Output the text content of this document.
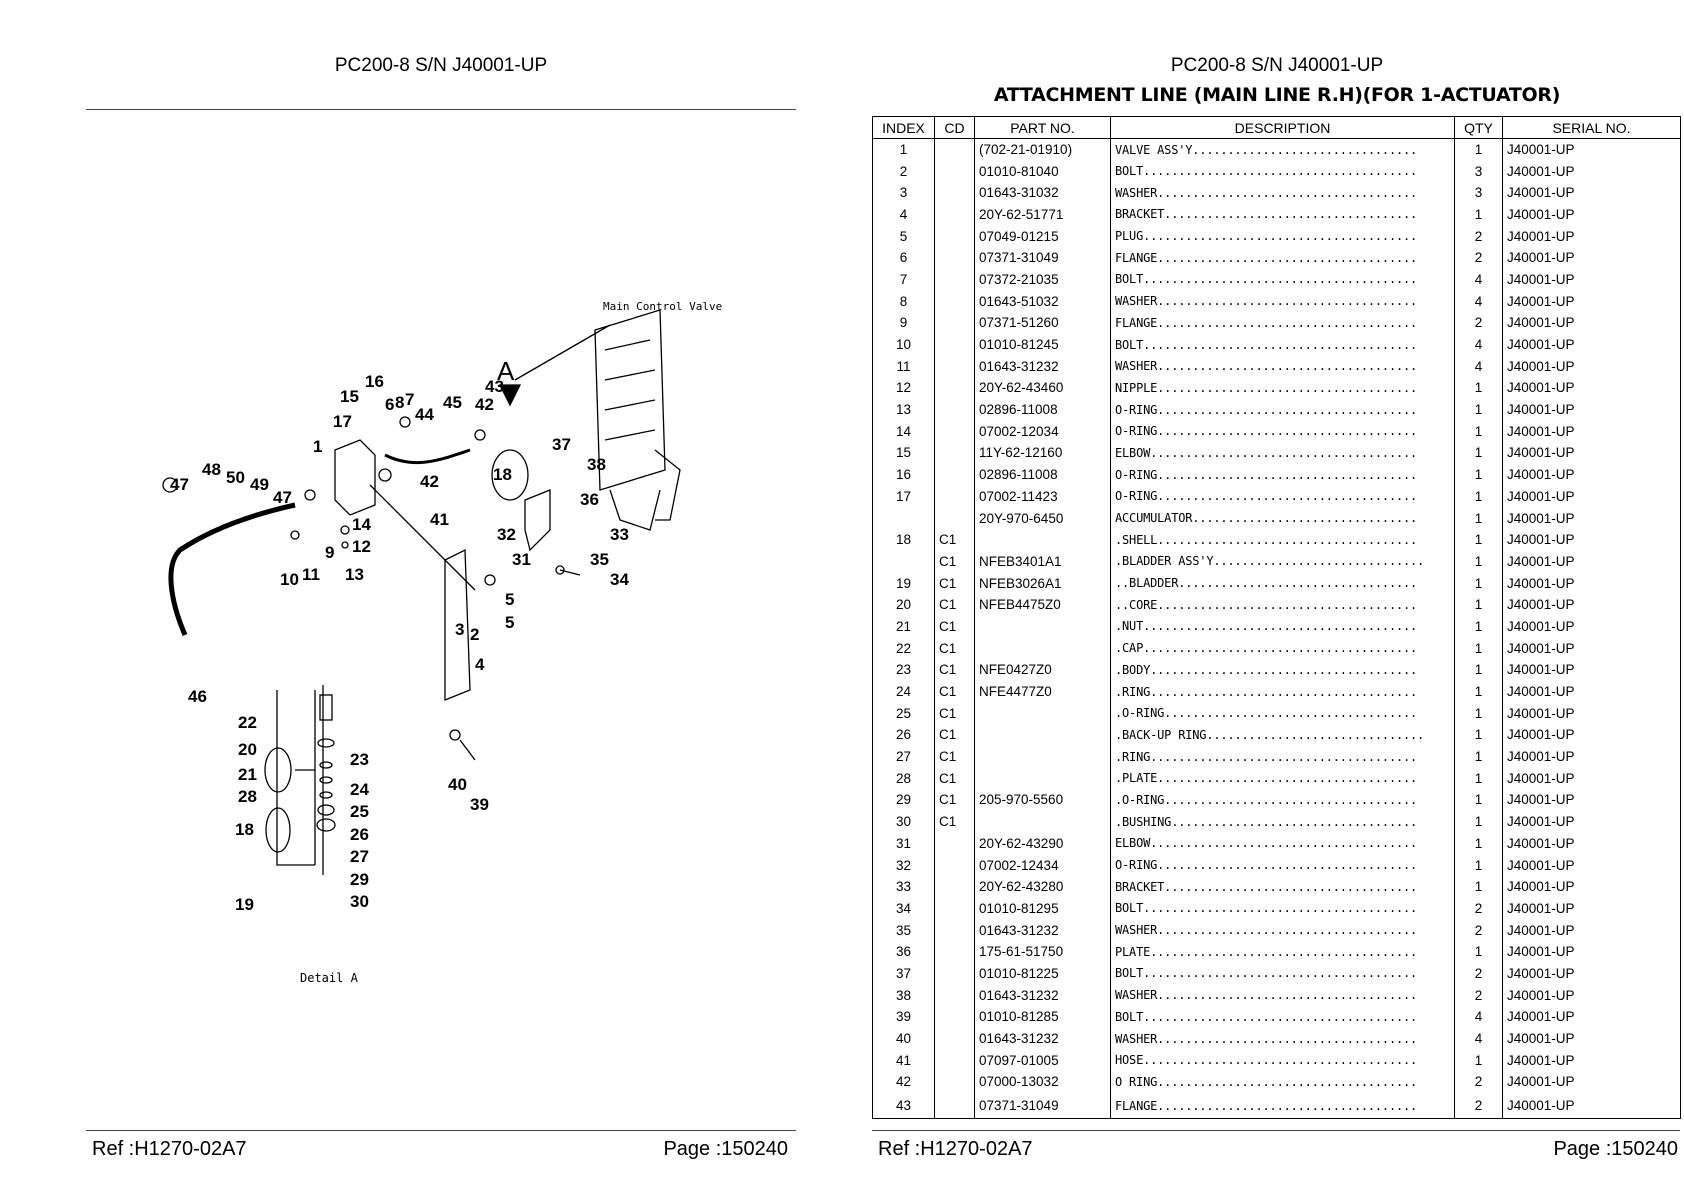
PC200-8 S/N J40001-UP	PC200-8 S/N J40001-UP
ATTACHMENT LINE (MAIN LINE R.H)(FOR 1-ACTUATOR)
1
2
3
4
5
5
6 7
8
9
10 11
12
13
14
15
16
17
18
41
42
42
43
44
45
31
32	33
34
35
36
37
38
39
40
46
47
47
48
49
50
22
20
21
28
18
19
23
24
25
26
27
29
30
A
Main Control Valve
Detail A
INDEX	CD	PART NO.	DESCRIPTION	QTY	SERIAL NO.
1		(702-21-01910)	VALVE ASS'Y................................	1	J40001-UP
2		01010-81040	BOLT.......................................	3	J40001-UP
3		01643-31032	WASHER.....................................	3	J40001-UP
4		20Y-62-51771	BRACKET....................................	1	J40001-UP
5		07049-01215	PLUG.......................................	2	J40001-UP
6		07371-31049	FLANGE.....................................	2	J40001-UP
7		07372-21035	BOLT.......................................	4	J40001-UP
8		01643-51032	WASHER.....................................	4	J40001-UP
9		07371-51260	FLANGE.....................................	2	J40001-UP
10		01010-81245	BOLT.......................................	4	J40001-UP
11		01643-31232	WASHER.....................................	4	J40001-UP
12		20Y-62-43460	NIPPLE.....................................	1	J40001-UP
13		02896-11008	O-RING.....................................	1	J40001-UP
14		07002-12034	O-RING.....................................	1	J40001-UP
15		11Y-62-12160	ELBOW......................................	1	J40001-UP
16		02896-11008	O-RING.....................................	1	J40001-UP
17		07002-11423	O-RING.....................................	1	J40001-UP
		20Y-970-6450	ACCUMULATOR................................	1	J40001-UP
18	C1		.SHELL.....................................	1	J40001-UP
	C1	NFEB3401A1	.BLADDER ASS'Y..............................	1	J40001-UP
19	C1	NFEB3026A1	..BLADDER..................................	1	J40001-UP
20	C1	NFEB4475Z0	..CORE.....................................	1	J40001-UP
21	C1		.NUT.......................................	1	J40001-UP
22	C1		.CAP.......................................	1	J40001-UP
23	C1	NFE0427Z0	.BODY......................................	1	J40001-UP
24	C1	NFE4477Z0	.RING......................................	1	J40001-UP
25	C1		.O-RING....................................	1	J40001-UP
26	C1		.BACK-UP RING...............................	1	J40001-UP
27	C1		.RING......................................	1	J40001-UP
28	C1		.PLATE.....................................	1	J40001-UP
29	C1	205-970-5560	.O-RING....................................	1	J40001-UP
30	C1		.BUSHING...................................	1	J40001-UP
31		20Y-62-43290	ELBOW......................................	1	J40001-UP
32		07002-12434	O-RING.....................................	1	J40001-UP
33		20Y-62-43280	BRACKET....................................	1	J40001-UP
34		01010-81295	BOLT.......................................	2	J40001-UP
35		01643-31232	WASHER.....................................	2	J40001-UP
36		175-61-51750	PLATE......................................	1	J40001-UP
37		01010-81225	BOLT.......................................	2	J40001-UP
38		01643-31232	WASHER.....................................	2	J40001-UP
39		01010-81285	BOLT.......................................	4	J40001-UP
40		01643-31232	WASHER.....................................	4	J40001-UP
41		07097-01005	HOSE.......................................	1	J40001-UP
42		07000-13032	O RING.....................................	2	J40001-UP
43		07371-31049	FLANGE.....................................	2	J40001-UP
Ref :H1270-02A7	Page :150240	Ref :H1270-02A7	Page :150240
